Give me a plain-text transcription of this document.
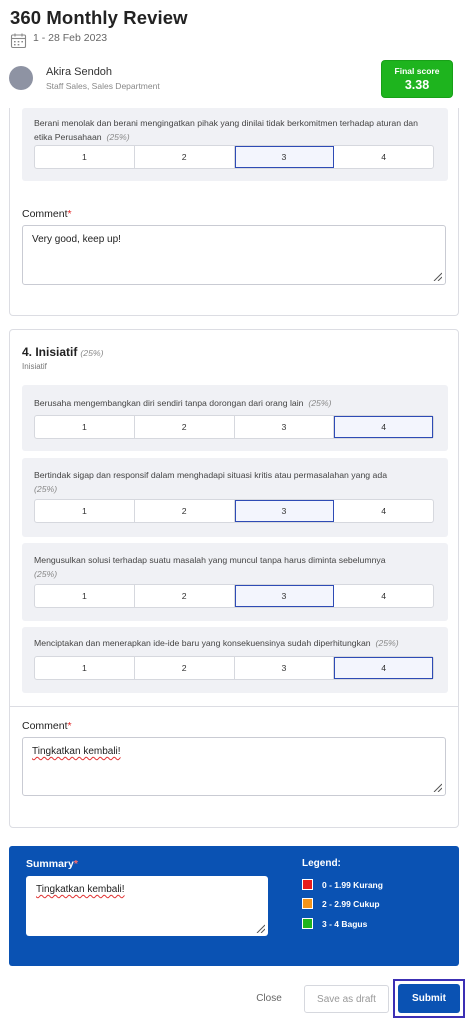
360 Monthly Review
1 - 28 Feb 2023
Akira Sendoh
Staff Sales, Sales Department
Final score
3.38
Berani menolak dan berani mengingatkan pihak yang dinilai tidak berkomitmen terhadap aturan dan etika Perusahaan (25%)
1	2	3	4
Comment*
Very good, keep up!
4. Inisiatif (25%)
Inisiatif
Berusaha mengembangkan diri sendiri tanpa dorongan dari orang lain (25%)
1	2	3	4
Bertindak sigap dan responsif dalam menghadapi situasi kritis atau permasalahan yang ada
(25%)
1	2	3	4
Mengusulkan solusi terhadap suatu masalah yang muncul tanpa harus diminta sebelumnya
(25%)
1	2	3	4
Menciptakan dan menerapkan ide-ide baru yang konsekuensinya sudah diperhitungkan (25%)
1	2	3	4
Comment*
Tingkatkan kembali!
Summary*
Tingkatkan kembali!
Legend:
0 - 1.99 Kurang
2 - 2.99 Cukup
3 - 4 Bagus
Close	Save as draft	Submit
